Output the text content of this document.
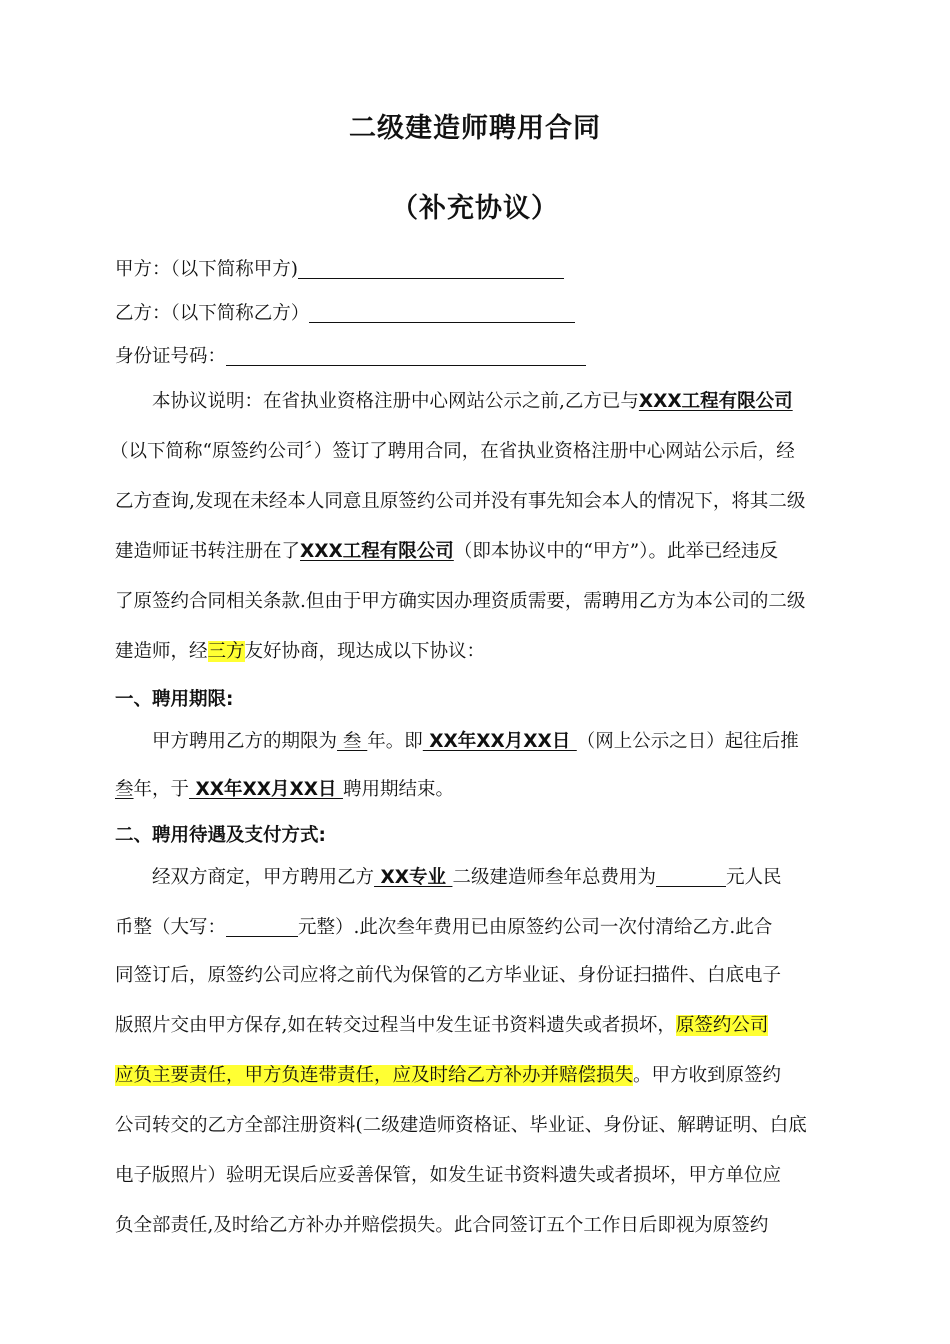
二级建造师聘用合同
（补充协议）
甲方：（以下简称甲方)
乙方：（以下简称乙方）
身份证号码：
本协议说明：在省执业资格注册中心网站公示之前,乙方已与XXX工程有限公司
（以下简称“原签约公司〞）签订了聘用合同，在省执业资格注册中心网站公示后，经
乙方查询,发现在未经本人同意且原签约公司并没有事先知会本人的情况下，将其二级
建造师证书转注册在了XXX工程有限公司（即本协议中的“甲方”）。此举已经违反
了原签约合同相关条款.但由于甲方确实因办理资质需要，需聘用乙方为本公司的二级
建造师，经三方友好协商，现达成以下协议：
一、聘用期限:
甲方聘用乙方的期限为 叁 年。即 XX年XX月XX日 （网上公示之日）起往后推
叁年，于 XX年XX月XX日 聘用期结束。
二、聘用待遇及支付方式:
经双方商定，甲方聘用乙方 XX专业 二级建造师叁年总费用为	元人民
币整（大写：	元整）.此次叁年费用已由原签约公司一次付清给乙方.此合
同签订后，原签约公司应将之前代为保管的乙方毕业证、身份证扫描件、白底电子
版照片交由甲方保存,如在转交过程当中发生证书资料遗失或者损坏，原签约公司
应负主要责任，甲方负连带责任，应及时给乙方补办并赔偿损失。甲方收到原签约
公司转交的乙方全部注册资料(二级建造师资格证、毕业证、身份证、解聘证明、白底
电子版照片）验明无误后应妥善保管，如发生证书资料遗失或者损坏，甲方单位应
负全部责任,及时给乙方补办并赔偿损失。此合同签订五个工作日后即视为原签约
